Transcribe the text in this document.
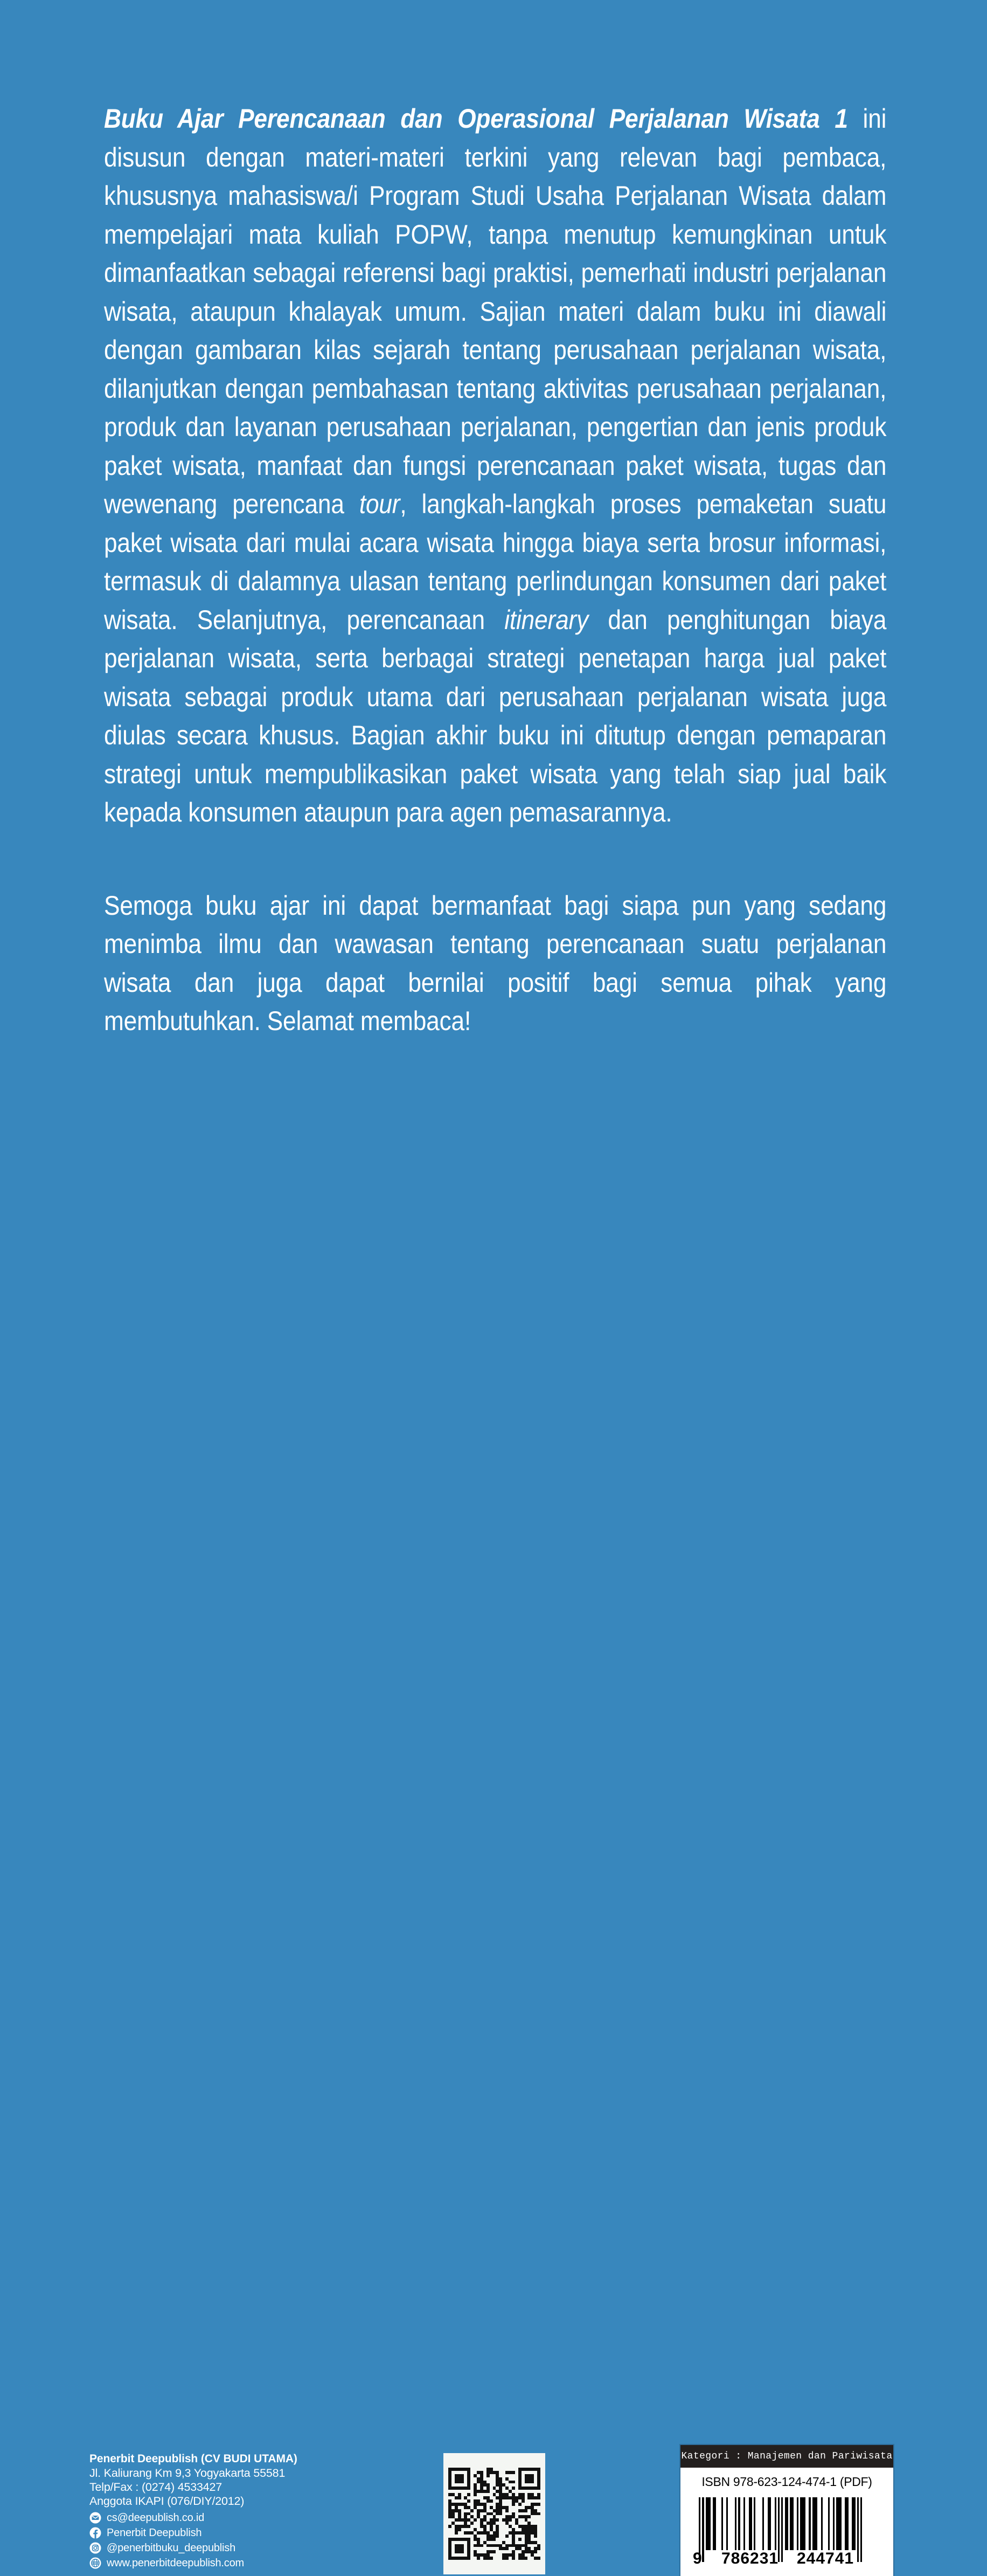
Buku Ajar Perencanaan dan Operasional Perjalanan Wisata 1 ini disusun dengan materi-materi terkini yang relevan bagi pembaca, khususnya mahasiswa/i Program Studi Usaha Perjalanan Wisata dalam mempelajari mata kuliah POPW, tanpa menutup kemungkinan untuk dimanfaatkan sebagai referensi bagi praktisi, pemerhati industri perjalanan wisata, ataupun khalayak umum. Sajian materi dalam buku ini diawali dengan gambaran kilas sejarah tentang perusahaan perjalanan wisata, dilanjutkan dengan pembahasan tentang aktivitas perusahaan perjalanan, produk dan layanan perusahaan perjalanan, pengertian dan jenis produk paket wisata, manfaat dan fungsi perencanaan paket wisata, tugas dan wewenang perencana tour, langkah-langkah proses pemaketan suatu paket wisata dari mulai acara wisata hingga biaya serta brosur informasi, termasuk di dalamnya ulasan tentang perlindungan konsumen dari paket wisata. Selanjutnya, perencanaan itinerary dan penghitungan biaya perjalanan wisata, serta berbagai strategi penetapan harga jual paket wisata sebagai produk utama dari perusahaan perjalanan wisata juga diulas secara khusus. Bagian akhir buku ini ditutup dengan pemaparan strategi untuk mempublikasikan paket wisata yang telah siap jual baik kepada konsumen ataupun para agen pemasarannya.

Semoga buku ajar ini dapat bermanfaat bagi siapa pun yang sedang menimba ilmu dan wawasan tentang perencanaan suatu perjalanan wisata dan juga dapat bernilai positif bagi semua pihak yang membutuhkan. Selamat membaca!

Penerbit Deepublish (CV BUDI UTAMA)
Jl. Kaliurang Km 9,3 Yogyakarta 55581
Telp/Fax : (0274) 4533427
Anggota IKAPI (076/DIY/2012)
cs@deepublish.co.id
Penerbit Deepublish
@penerbitbuku_deepublish
www.penerbitdeepublish.com
Kategori : Manajemen dan Pariwisata
ISBN 978-623-124-474-1 (PDF)
9 786231 244741
